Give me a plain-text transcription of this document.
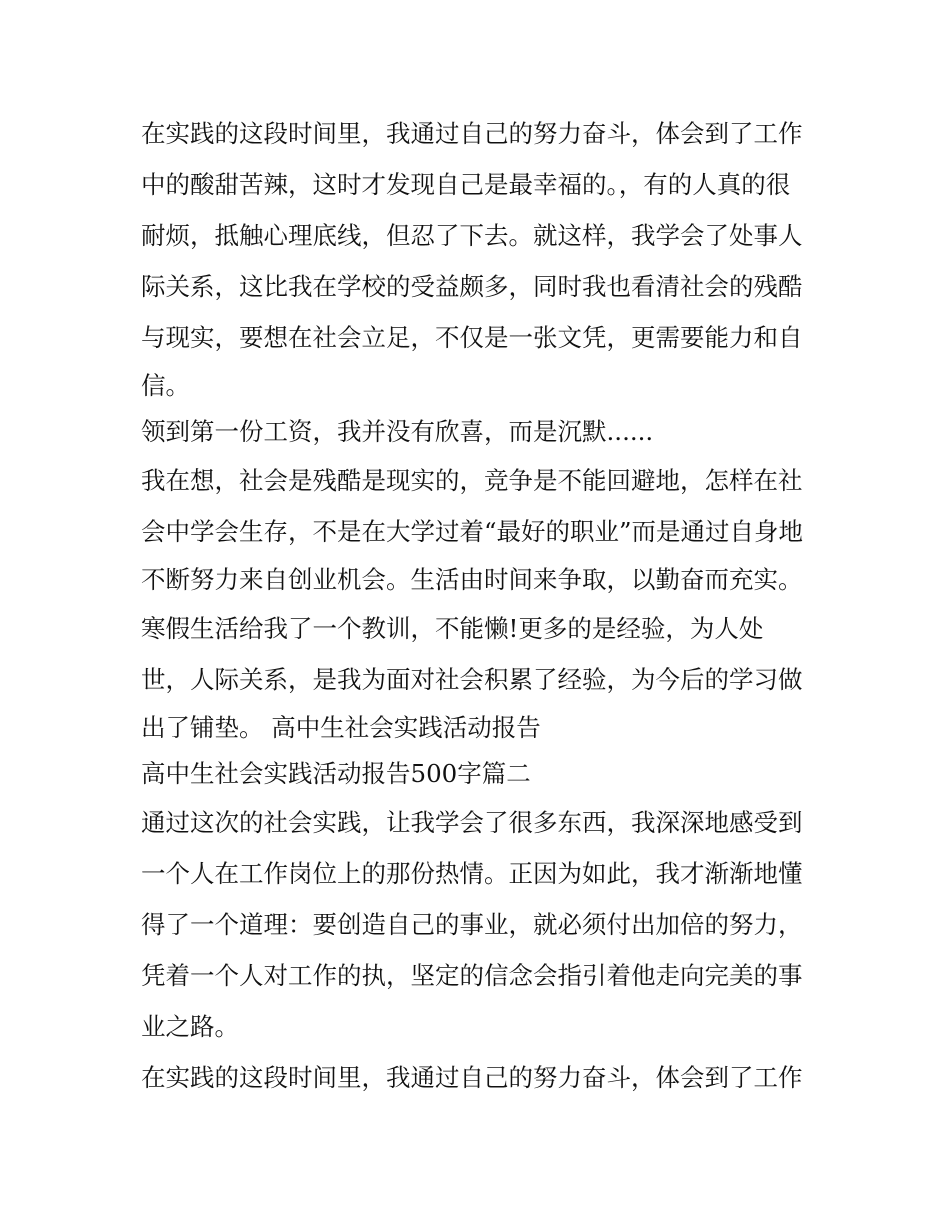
在实践的这段时间里，我通过自己的努力奋斗，体会到了工作
中的酸甜苦辣，这时才发现自己是最幸福的。，有的人真的很
耐烦，抵触心理底线，但忍了下去。就这样，我学会了处事人
际关系，这比我在学校的受益颇多，同时我也看清社会的残酷
与现实，要想在社会立足，不仅是一张文凭，更需要能力和自
信。
领到第一份工资，我并没有欣喜，而是沉默......
我在想，社会是残酷是现实的，竞争是不能回避地，怎样在社
会中学会生存，不是在大学过着“最好的职业”而是通过自身地
不断努力来自创业机会。生活由时间来争取，以勤奋而充实。
寒假生活给我了一个教训，不能懒!更多的是经验，为人处
世，人际关系，是我为面对社会积累了经验，为今后的学习做
出了铺垫。 高中生社会实践活动报告
高中生社会实践活动报告500字篇二
通过这次的社会实践，让我学会了很多东西，我深深地感受到
一个人在工作岗位上的那份热情。正因为如此，我才渐渐地懂
得了一个道理：要创造自己的事业，就必须付出加倍的努力，
凭着一个人对工作的执，坚定的信念会指引着他走向完美的事
业之路。
在实践的这段时间里，我通过自己的努力奋斗，体会到了工作
